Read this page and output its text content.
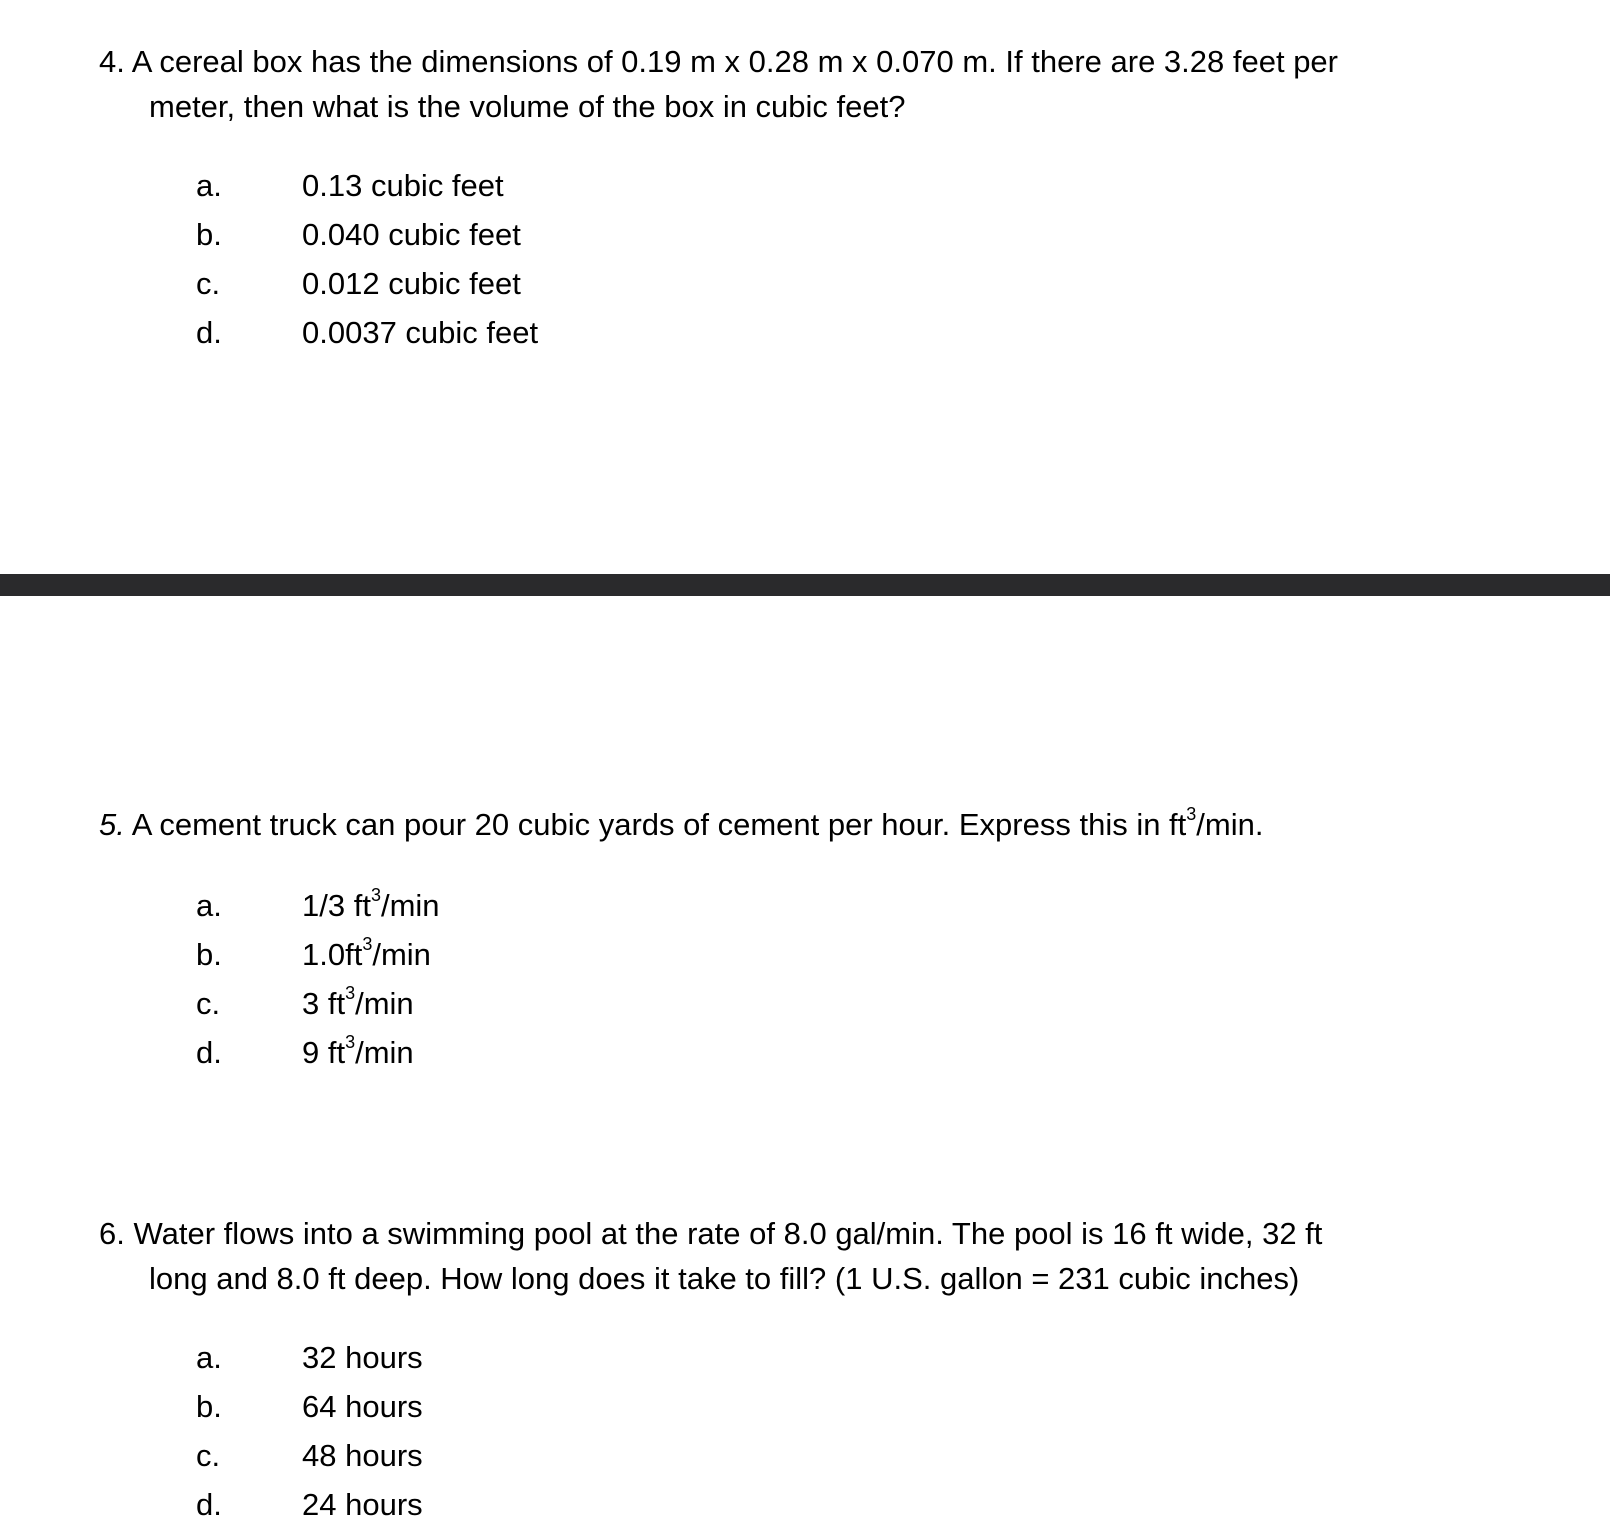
4. A cereal box has the dimensions of 0.19 m x 0.28 m x 0.070 m. If there are 3.28 feet per
meter, then what is the volume of the box in cubic feet?
a.	0.13 cubic feet
b.	0.040 cubic feet
c.	0.012 cubic feet
d.	0.0037 cubic feet
5. A cement truck can pour 20 cubic yards of cement per hour. Express this in $ft^3/\min$.
a.	1/3 $ft^3/\min$
b.	$1.0ft^3/\min$
c.	3 $ft^3/\min$
d.	9 $ft^3/\min$
6. Water flows into a swimming pool at the rate of 8.0 gal/min. The pool is 16 ft wide, 32 ft
long and 8.0 ft deep. How long does it take to fill? (1 U.S. gallon = 231 cubic inches)
a.	32 hours
b.	64 hours
c.	48 hours
d.	24 hours
